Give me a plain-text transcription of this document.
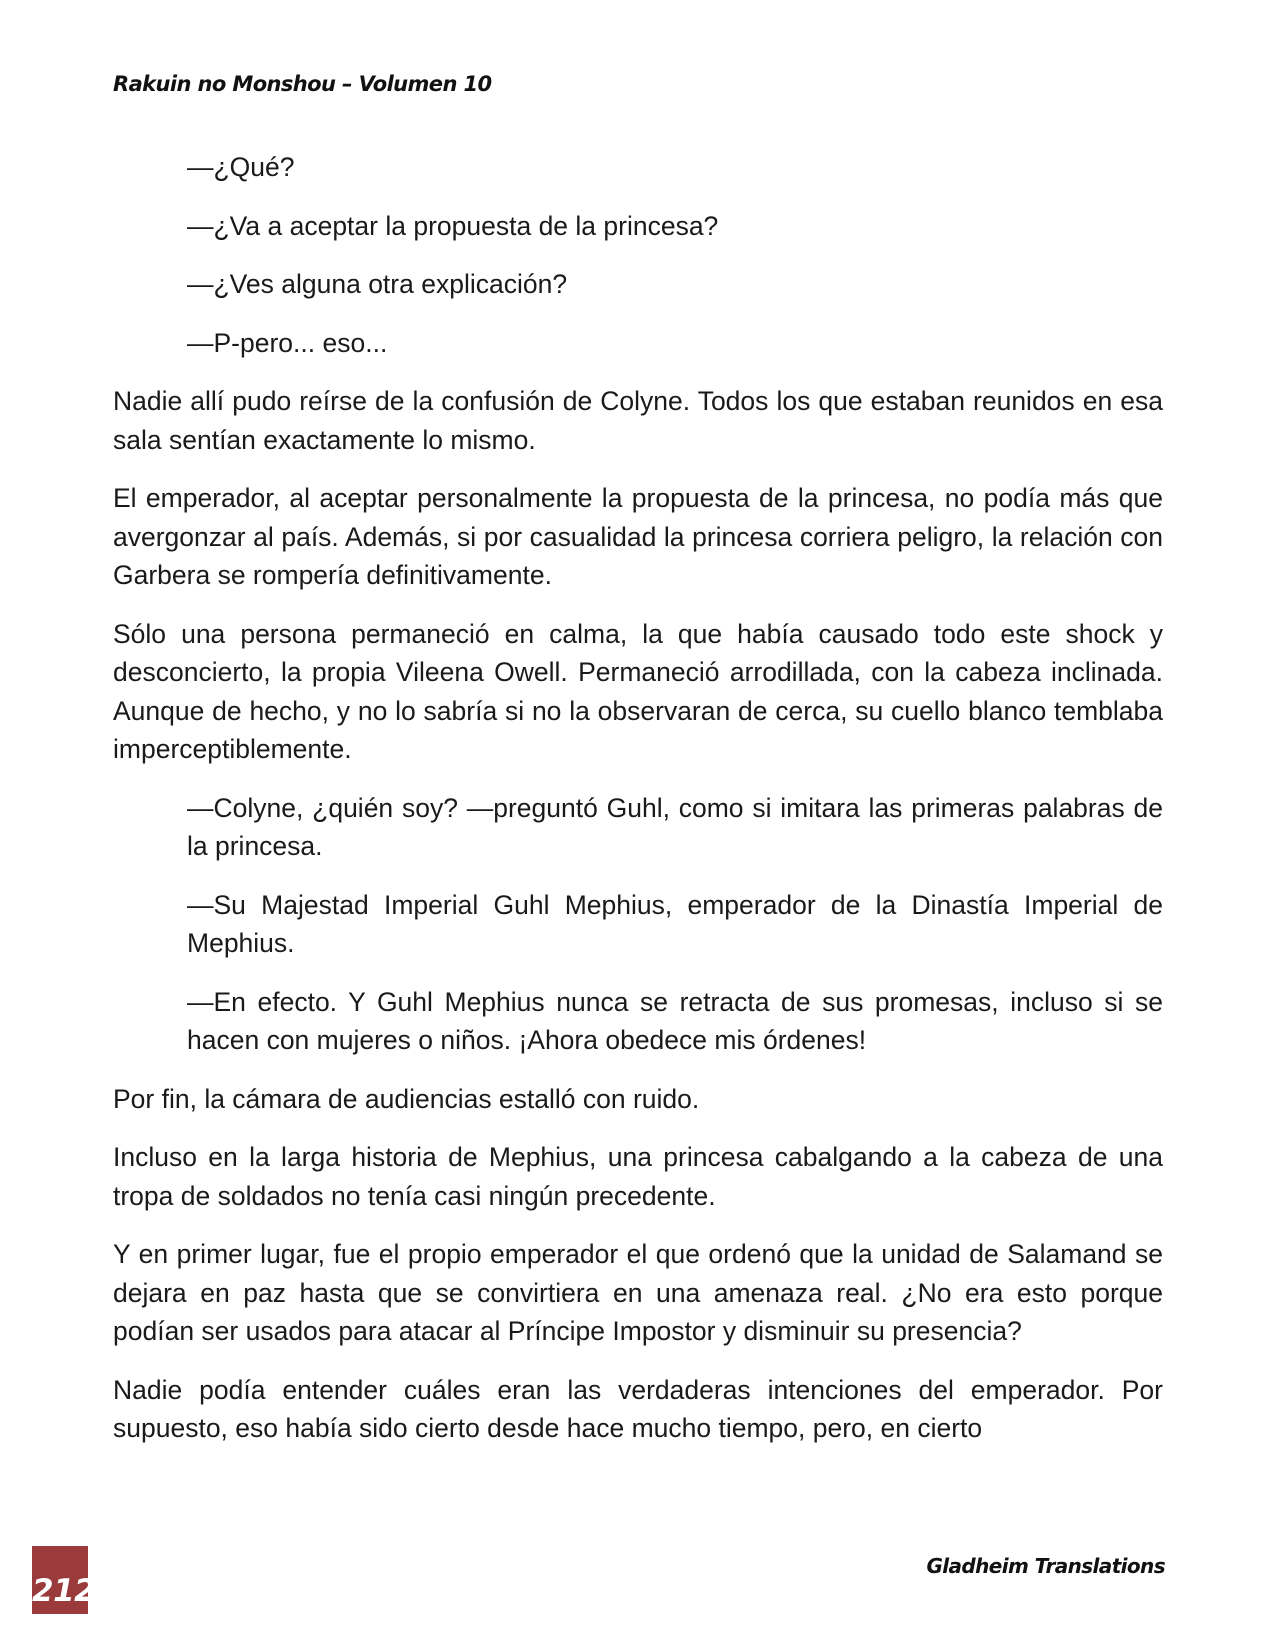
Rakuin no Monshou – Volumen 10

—¿Qué?

—¿Va a aceptar la propuesta de la princesa?

—¿Ves alguna otra explicación?

—P-pero... eso...

Nadie allí pudo reírse de la confusión de Colyne. Todos los que estaban reunidos en esa sala sentían exactamente lo mismo.

El emperador, al aceptar personalmente la propuesta de la princesa, no podía más que avergonzar al país. Además, si por casualidad la princesa corriera peligro, la relación con Garbera se rompería definitivamente.

Sólo una persona permaneció en calma, la que había causado todo este shock y desconcierto, la propia Vileena Owell. Permaneció arrodillada, con la cabeza inclinada. Aunque de hecho, y no lo sabría si no la observaran de cerca, su cuello blanco temblaba imperceptiblemente.

—Colyne, ¿quién soy? —preguntó Guhl, como si imitara las primeras palabras de la princesa.

—Su Majestad Imperial Guhl Mephius, emperador de la Dinastía Imperial de Mephius.

—En efecto. Y Guhl Mephius nunca se retracta de sus promesas, incluso si se hacen con mujeres o niños. ¡Ahora obedece mis órdenes!

Por fin, la cámara de audiencias estalló con ruido.

Incluso en la larga historia de Mephius, una princesa cabalgando a la cabeza de una tropa de soldados no tenía casi ningún precedente.

Y en primer lugar, fue el propio emperador el que ordenó que la unidad de Salamand se dejara en paz hasta que se convirtiera en una amenaza real. ¿No era esto porque podían ser usados para atacar al Príncipe Impostor y disminuir su presencia?

Nadie podía entender cuáles eran las verdaderas intenciones del emperador. Por supuesto, eso había sido cierto desde hace mucho tiempo, pero, en cierto

212
Gladheim Translations
